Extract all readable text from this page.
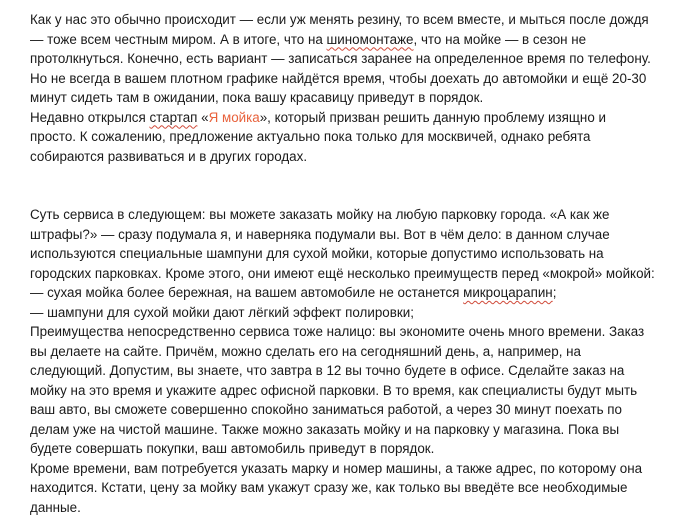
Как у нас это обычно происходит — если уж менять резину, то всем вместе, и мыться после дождя
— тоже всем честным миром. А в итоге, что на шиномонтаже, что на мойке — в сезон не
протолкнуться. Конечно, есть вариант — записаться заранее на определенное время по телефону.
Но не всегда в вашем плотном графике найдётся время, чтобы доехать до автомойки и ещё 20-30
минут сидеть там в ожидании, пока вашу красавицу приведут в порядок.
Недавно открылся стартап «Я мойка», который призван решить данную проблему изящно и
просто. К сожалению, предложение актуально пока только для москвичей, однако ребята
собираются развиваться и в других городах.
Суть сервиса в следующем: вы можете заказать мойку на любую парковку города. «А как же
штрафы?» — сразу подумала я, и наверняка подумали вы. Вот в чём дело: в данном случае
используются специальные шампуни для сухой мойки, которые допустимо использовать на
городских парковках. Кроме этого, они имеют ещё несколько преимуществ перед «мокрой» мойкой:
— сухая мойка более бережная, на вашем автомобиле не останется микроцарапин;
— шампуни для сухой мойки дают лёгкий эффект полировки;
Преимущества непосредственно сервиса тоже налицо: вы экономите очень много времени. Заказ
вы делаете на сайте. Причём, можно сделать его на сегодняшний день, а, например, на
следующий. Допустим, вы знаете, что завтра в 12 вы точно будете в офисе. Сделайте заказ на
мойку на это время и укажите адрес офисной парковки. В то время, как специалисты будут мыть
ваш авто, вы сможете совершенно спокойно заниматься работой, а через 30 минут поехать по
делам уже на чистой машине. Также можно заказать мойку и на парковку у магазина. Пока вы
будете совершать покупки, ваш автомобиль приведут в порядок.
Кроме времени, вам потребуется указать марку и номер машины, а также адрес, по которому она
находится. Кстати, цену за мойку вам укажут сразу же, как только вы введёте все необходимые
данные.
